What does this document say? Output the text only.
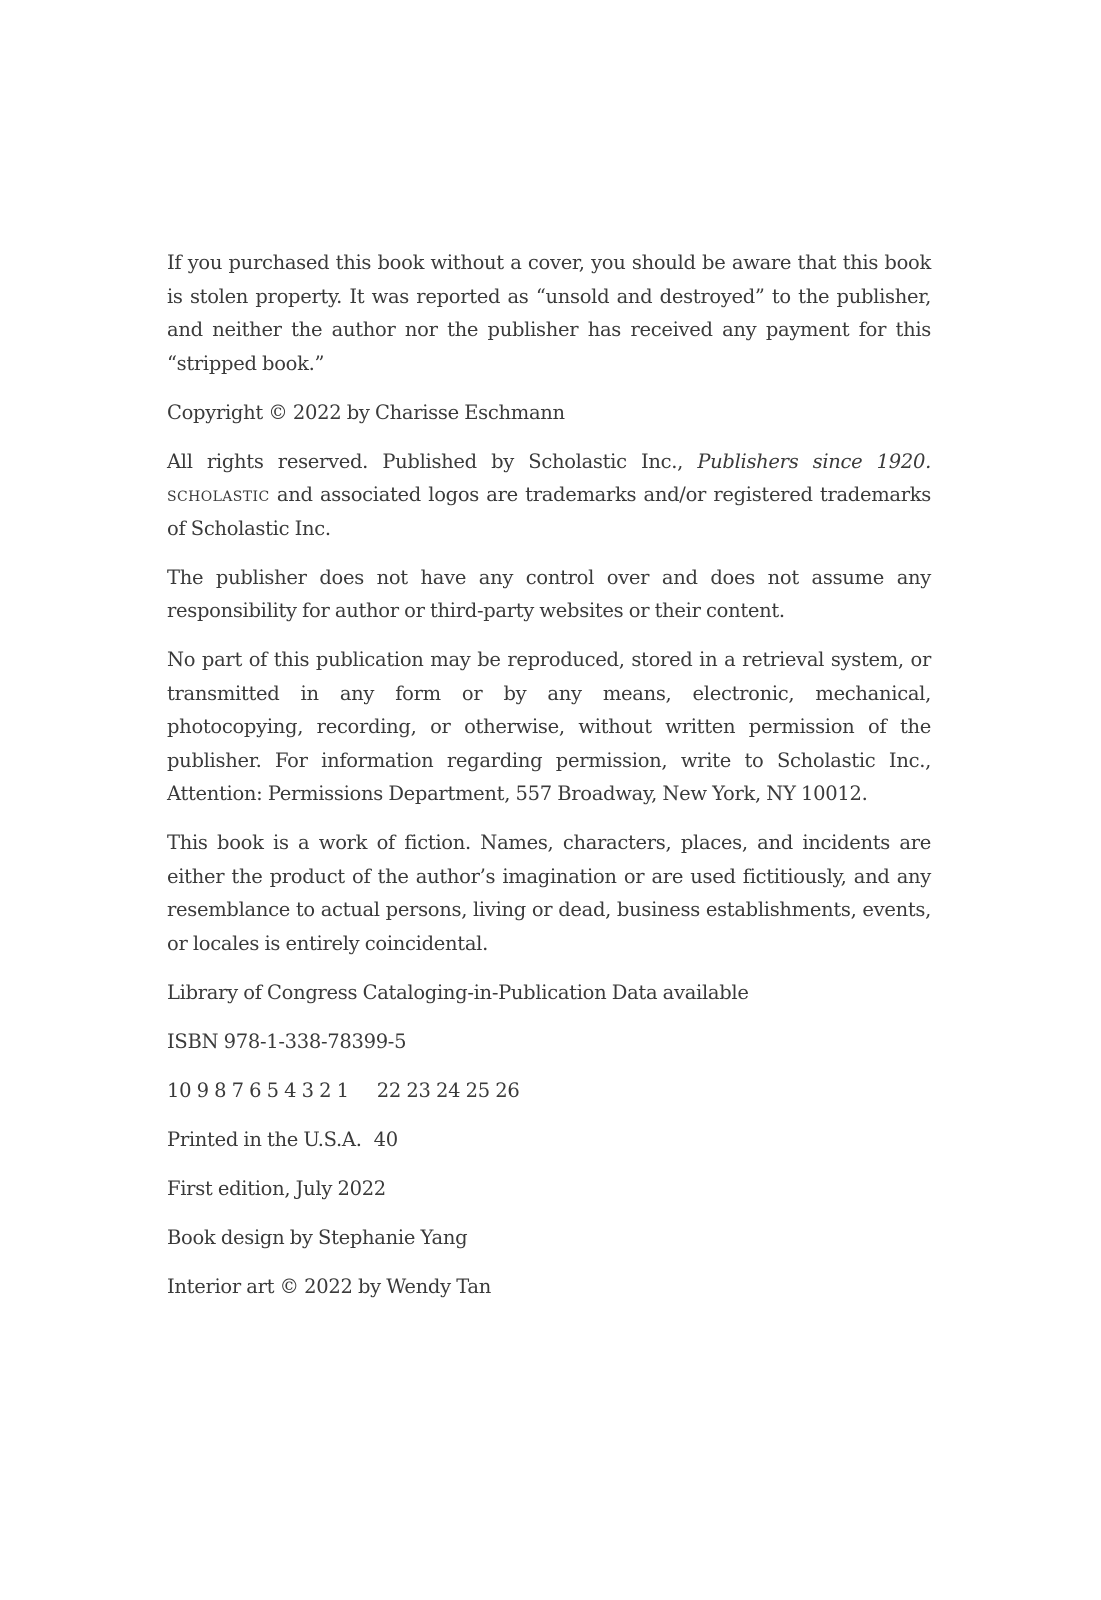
If you purchased this book without a cover, you should be aware that this book is stolen property. It was reported as “unsold and destroyed” to the publisher, and neither the author nor the publisher has received any payment for this “stripped book.”

Copyright © 2022 by Charisse Eschmann

All rights reserved. Published by Scholastic Inc., Publishers since 1920. scholastic and associated logos are trademarks and/or registered trademarks of Scholastic Inc.

The publisher does not have any control over and does not assume any responsibility for author or third-party websites or their content.

No part of this publication may be reproduced, stored in a retrieval system, or transmitted in any form or by any means, electronic, mechanical, photocopying, recording, or otherwise, without written permission of the publisher. For information regarding permission, write to Scholastic Inc., Attention: Permissions Department, 557 Broadway, New York, NY 10012.

This book is a work of fiction. Names, characters, places, and incidents are either the product of the author’s imagination or are used fictitiously, and any resemblance to actual persons, living or dead, business establishments, events, or locales is entirely coincidental.

Library of Congress Cataloging-in-Publication Data available

ISBN 978-1-338-78399-5

10 9 8 7 6 5 4 3 2 1 22 23 24 25 26

Printed in the U.S.A. 40

First edition, July 2022

Book design by Stephanie Yang

Interior art © 2022 by Wendy Tan
